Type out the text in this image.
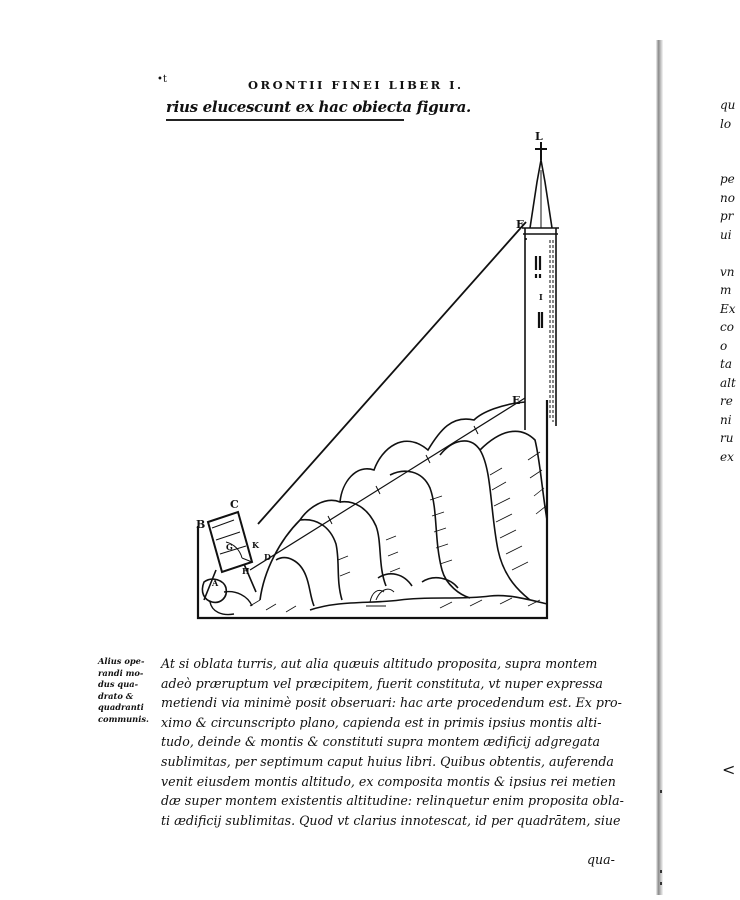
•t	ORONTII FINEI LIBER I.
rius elucescunt ex hac obiecta figura.
L
F
I
E
C
B
G
D
H
K
A
Alius ope-
randi mo-
dus qua-
drato &
quadranti
communis.
At si oblata turris, aut alia quæuis altitudo proposita, supra montem
adeò præruptum vel præcipitem, fuerit constituta, vt nuper expressa
metiendi via minimè posit obseruari: hac arte procedendum est. Ex pro-
ximo & circunscripto plano, capienda est in primis ipsius montis alti-
tudo, deinde & montis & constituti supra montem ædificij adgregata
sublimitas, per septimum caput huius libri. Quibus obtentis, auferenda
venit eiusdem montis altitudo, ex composita montis & ipsius rei metien
dæ super montem existentis altitudine: relinquetur enim proposita obla-
ti ædificij sublimitas. Quod vt clarius innotescat, id per quadrātem, siue
qua-
qu
lo
pe
no
pr
ui
vn
m
Ex
co
o
ta
alt
re
ni
ru
ex
<
